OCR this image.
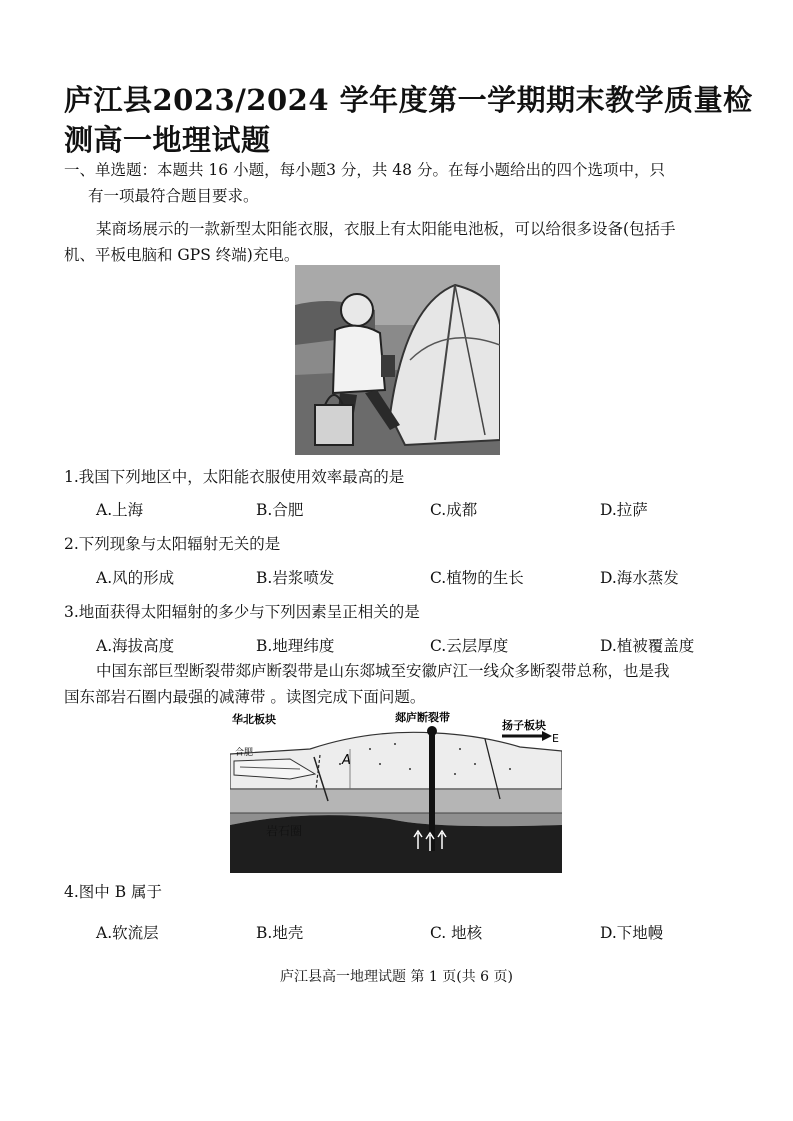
庐江县2023/2024 学年度第一学期期末教学质量检
测高一地理试题
一、单选题：本题共 16 小题，每小题3 分，共 48 分。在每小题给出的四个选项中，只
有一项最符合题目要求。
某商场展示的一款新型太阳能衣服，衣服上有太阳能电池板，可以给很多设备(包括手
机、平板电脑和 GPS 终端)充电。
1.我国下列地区中，太阳能衣服使用效率最高的是
A.上海	B.合肥	C.成都	D.拉萨
2.下列现象与太阳辐射无关的是
A.风的形成	B.岩浆喷发	C.植物的生长	D.海水蒸发
3.地面获得太阳辐射的多少与下列因素呈正相关的是
A.海拔高度	B.地理纬度	C.云层厚度	D.植被覆盖度
中国东部巨型断裂带郯庐断裂带是山东郯城至安徽庐江一线众多断裂带总称，也是我
国东部岩石圈内最强的减薄带 。读图完成下面问题。
华北板块	郯庐断裂带
扬子板块
E
合肥	A
岩石圈
4.图中 B 属于
A.软流层	B.地壳	C. 地核	D.下地幔
庐江县高一地理试题 第 1 页(共 6 页)
